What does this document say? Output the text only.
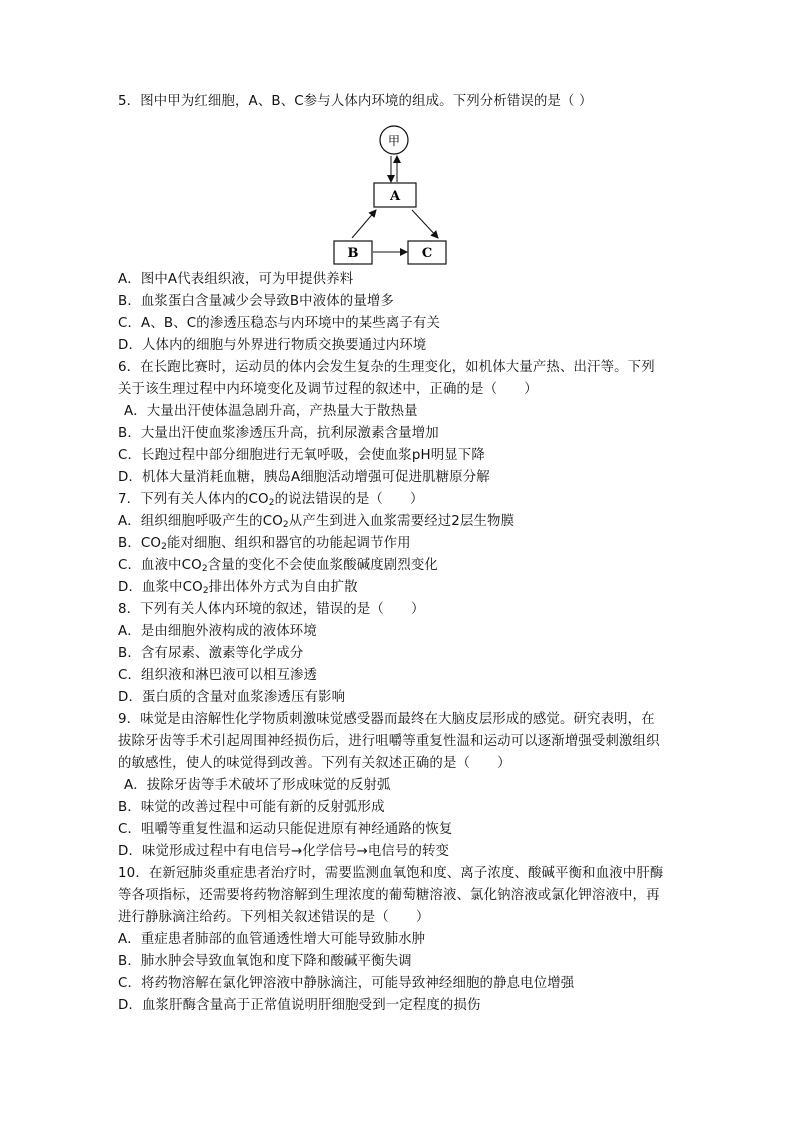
5．图中甲为红细胞，A、B、C参与人体内环境的组成。下列分析错误的是（ ）
甲
A
B	C
A．图中A代表组织液，可为甲提供养料
B．血浆蛋白含量减少会导致B中液体的量增多
C．A、B、C的渗透压稳态与内环境中的某些离子有关
D．人体内的细胞与外界进行物质交换要通过内环境
6．在长跑比赛时，运动员的体内会发生复杂的生理变化，如机体大量产热、出汗等。下列
关于该生理过程中内环境变化及调节过程的叙述中，正确的是（　　）
A．大量出汗使体温急剧升高，产热量大于散热量
B．大量出汗使血浆渗透压升高，抗利尿激素含量增加
C．长跑过程中部分细胞进行无氧呼吸，会使血浆pH明显下降
D．机体大量消耗血糖，胰岛A细胞活动增强可促进肌糖原分解
7．下列有关人体内的$CO_2$的说法错误的是（　　）
A．组织细胞呼吸产生的$CO_2$从产生到进入血浆需要经过2层生物膜
B．$CO_2$能对细胞、组织和器官的功能起调节作用
C．血液中$CO_2$含量的变化不会使血浆酸碱度剧烈变化
D．血浆中$CO_2$排出体外方式为自由扩散
8．下列有关人体内环境的叙述，错误的是（　　）
A．是由细胞外液构成的液体环境
B．含有尿素、激素等化学成分
C．组织液和淋巴液可以相互渗透
D．蛋白质的含量对血浆渗透压有影响
9．味觉是由溶解性化学物质刺激味觉感受器而最终在大脑皮层形成的感觉。研究表明，在
拔除牙齿等手术引起周围神经损伤后，进行咀嚼等重复性温和运动可以逐渐增强受刺激组织
的敏感性，使人的味觉得到改善。下列有关叙述正确的是（　　）
A．拔除牙齿等手术破坏了形成味觉的反射弧
B．味觉的改善过程中可能有新的反射弧形成
C．咀嚼等重复性温和运动只能促进原有神经通路的恢复
D．味觉形成过程中有电信号→化学信号→电信号的转变
10．在新冠肺炎重症患者治疗时，需要监测血氧饱和度、离子浓度、酸碱平衡和血液中肝酶
等各项指标，还需要将药物溶解到生理浓度的葡萄糖溶液、氯化钠溶液或氯化钾溶液中，再
进行静脉滴注给药。下列相关叙述错误的是（　　）
A．重症患者肺部的血管通透性增大可能导致肺水肿
B．肺水肿会导致血氧饱和度下降和酸碱平衡失调
C．将药物溶解在氯化钾溶液中静脉滴注，可能导致神经细胞的静息电位增强
D．血浆肝酶含量高于正常值说明肝细胞受到一定程度的损伤
